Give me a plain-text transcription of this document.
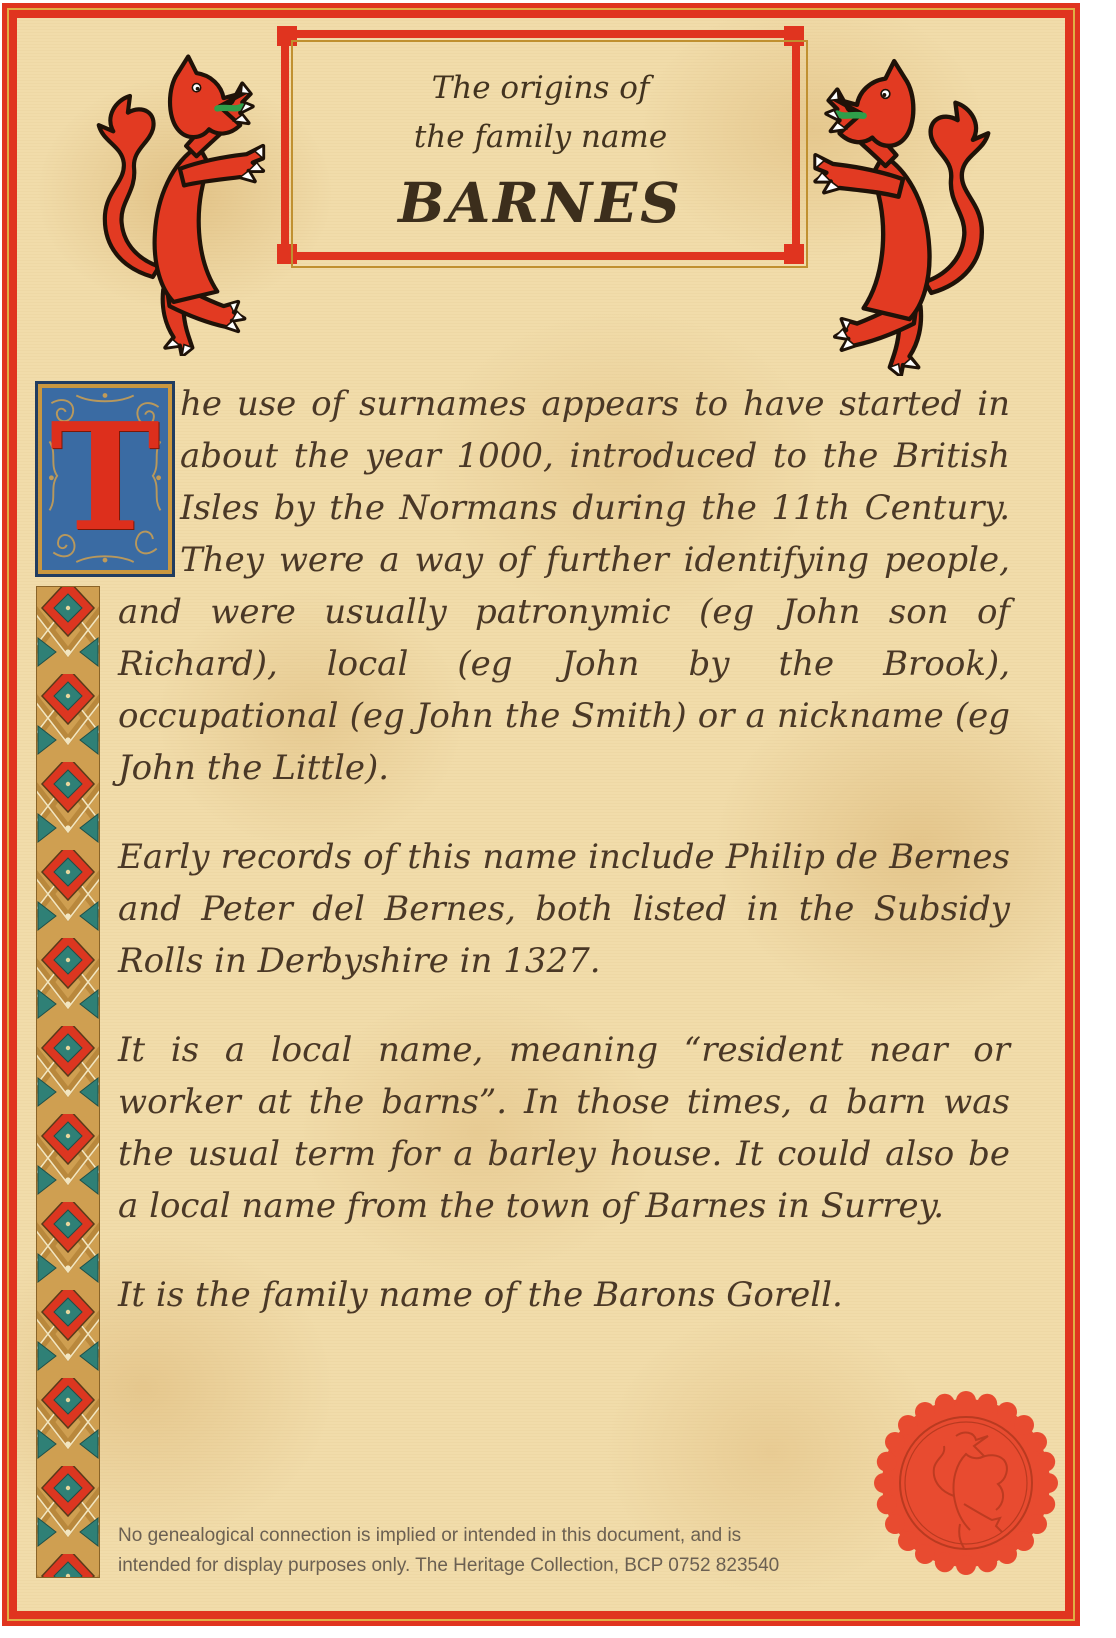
The origins of
the family name
BARNES
T he use of surnames appears to have started in about the year 1000, introduced to the British Isles by the Normans during the 11th Century. They were a way of further identifying people, and were usually patronymic (eg John son of Richard), local (eg John by the Brook), occupational (eg John the Smith) or a nickname (eg John the Little).

Early records of this name include Philip de Bernes and Peter del Bernes, both listed in the Subsidy Rolls in Derbyshire in 1327.

It is a local name, meaning “resident near or worker at the barns”. In those times, a barn was the usual term for a barley house. It could also be a local name from the town of Barnes in Surrey.

It is the family name of the Barons Gorell.

No genealogical connection is implied or intended in this document, and is
intended for display purposes only. The Heritage Collection, BCP 0752 823540
